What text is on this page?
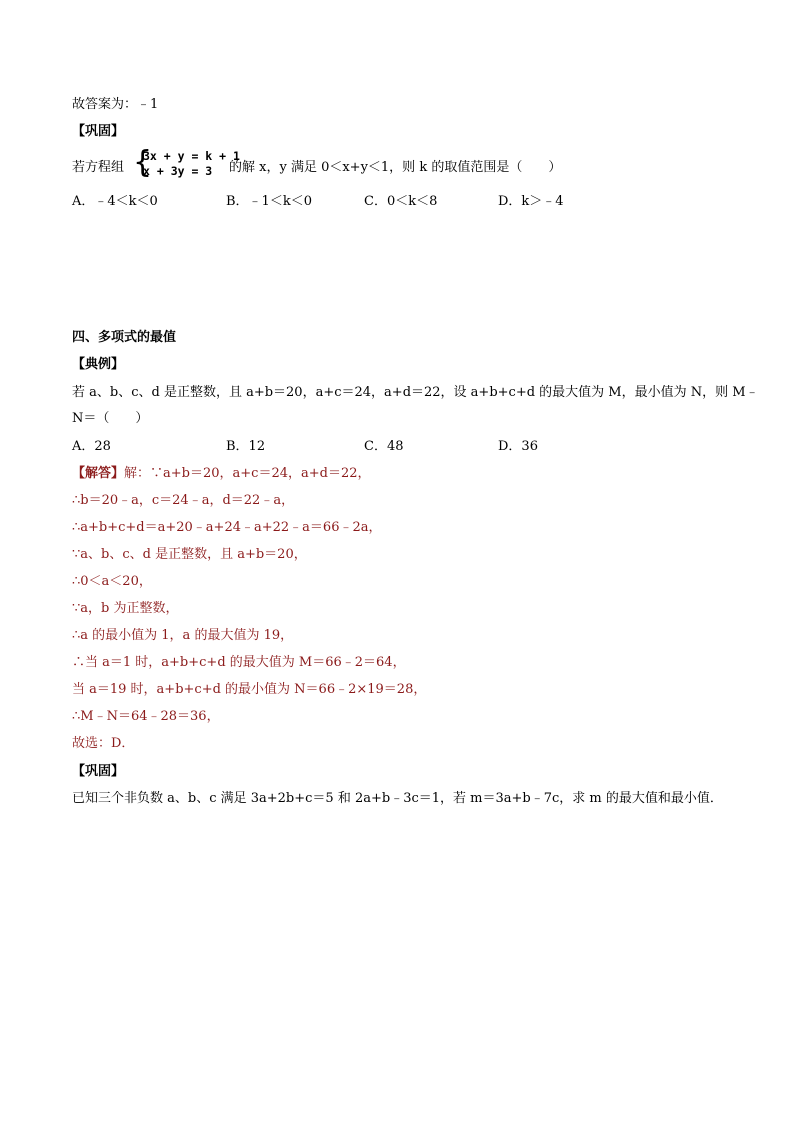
故答案为：﹣1
【巩固】
若方程组 {
3x + y = k + 1
x + 3y = 3 的解 x，y 满足 0＜x+y＜1，则 k 的取值范围是（　　）
A．﹣4＜k＜0	B．﹣1＜k＜0	C．0＜k＜8	D．k＞﹣4
四、多项式的最值
【典例】
若 a、b、c、d 是正整数，且 a+b＝20，a+c＝24，a+d＝22，设 a+b+c+d 的最大值为 M，最小值为 N，则 M﹣
N＝（　　）
A．28	B．12	C．48	D．36
【解答】解：∵a+b＝20，a+c＝24，a+d＝22，
∴b＝20﹣a，c＝24﹣a，d＝22﹣a，
∴a+b+c+d＝a+20﹣a+24﹣a+22﹣a＝66﹣2a，
∵a、b、c、d 是正整数，且 a+b＝20，
∴0＜a＜20，
∵a，b 为正整数，
∴a 的最小值为 1，a 的最大值为 19，
∴当 a＝1 时，a+b+c+d 的最大值为 M＝66﹣2＝64，
当 a＝19 时，a+b+c+d 的最小值为 N＝66﹣2×19＝28，
∴M﹣N＝64﹣28＝36，
故选：D．
【巩固】
已知三个非负数 a、b、c 满足 3a+2b+c＝5 和 2a+b﹣3c＝1，若 m＝3a+b﹣7c，求 m 的最大值和最小值．
